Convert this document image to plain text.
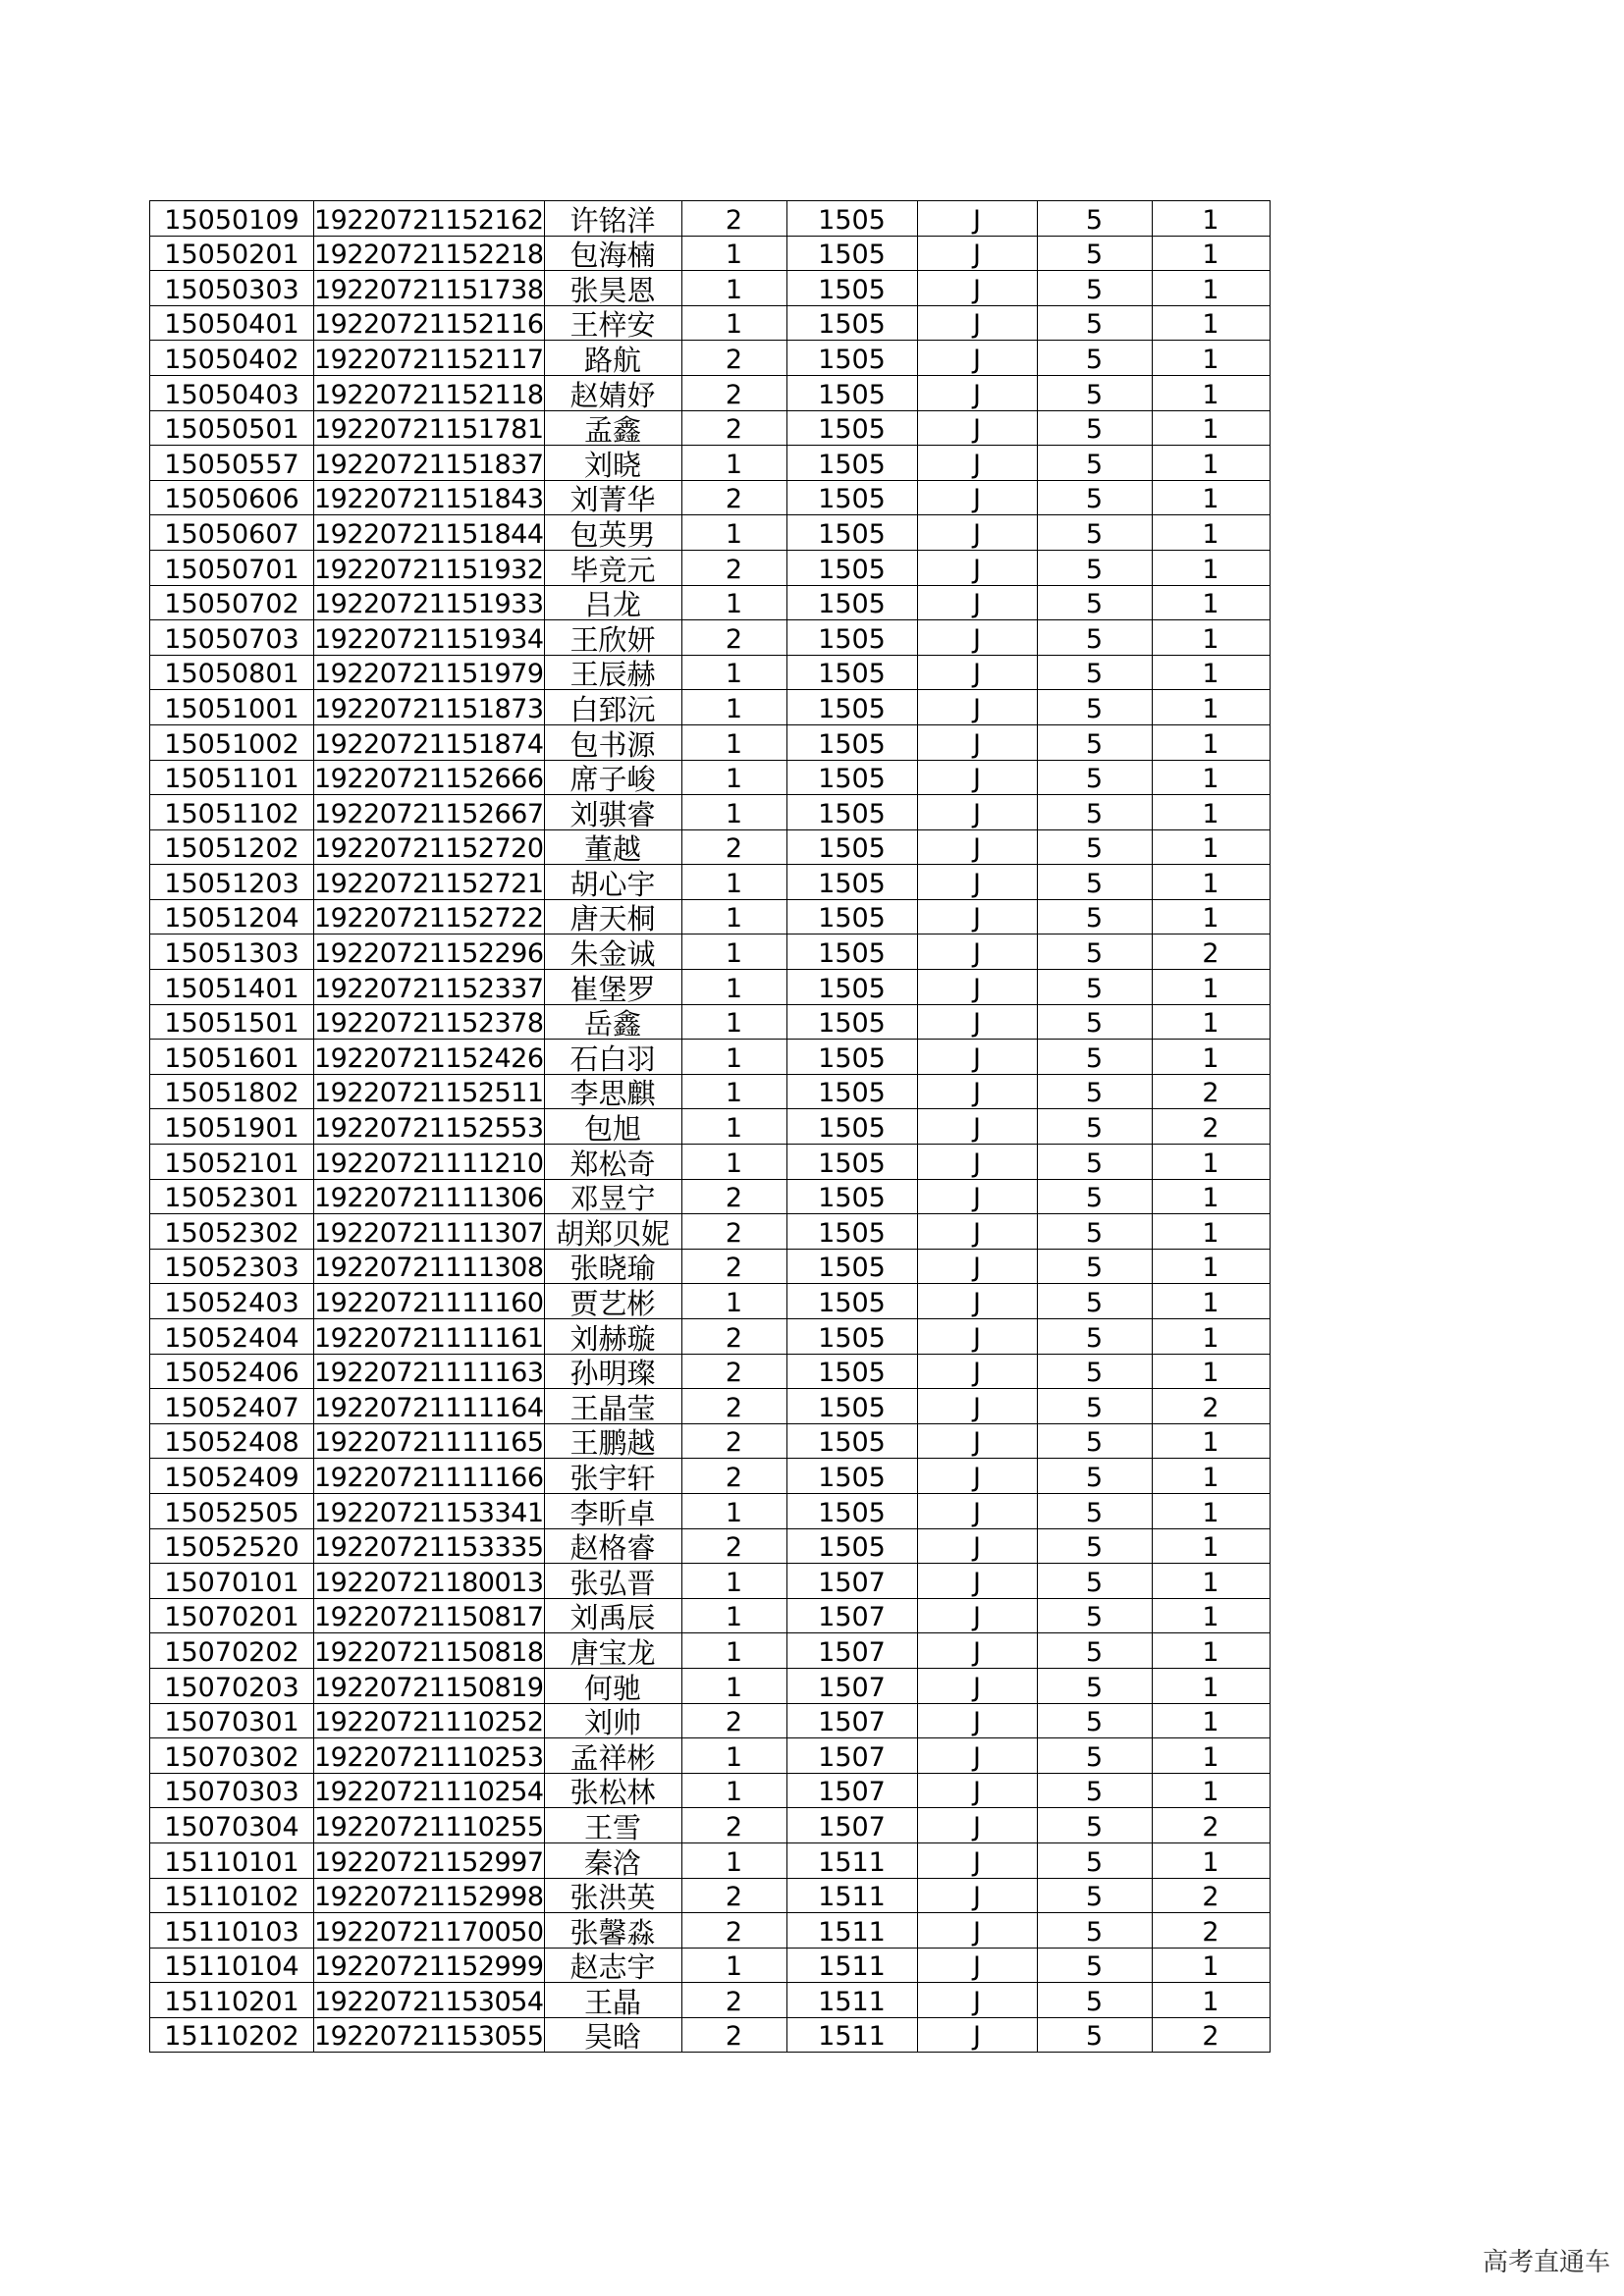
15050109	19220721152162	许铭洋	2	1505	J	5	1
15050201	19220721152218	包海楠	1	1505	J	5	1
15050303	19220721151738	张昊恩	1	1505	J	5	1
15050401	19220721152116	王梓安	1	1505	J	5	1
15050402	19220721152117	路航	2	1505	J	5	1
15050403	19220721152118	赵婧妤	2	1505	J	5	1
15050501	19220721151781	孟鑫	2	1505	J	5	1
15050557	19220721151837	刘晓	1	1505	J	5	1
15050606	19220721151843	刘菁华	2	1505	J	5	1
15050607	19220721151844	包英男	1	1505	J	5	1
15050701	19220721151932	毕竞元	2	1505	J	5	1
15050702	19220721151933	吕龙	1	1505	J	5	1
15050703	19220721151934	王欣妍	2	1505	J	5	1
15050801	19220721151979	王辰赫	1	1505	J	5	1
15051001	19220721151873	白郅沅	1	1505	J	5	1
15051002	19220721151874	包书源	1	1505	J	5	1
15051101	19220721152666	席子峻	1	1505	J	5	1
15051102	19220721152667	刘骐睿	1	1505	J	5	1
15051202	19220721152720	董越	2	1505	J	5	1
15051203	19220721152721	胡心宇	1	1505	J	5	1
15051204	19220721152722	唐天桐	1	1505	J	5	1
15051303	19220721152296	朱金诚	1	1505	J	5	2
15051401	19220721152337	崔堡罗	1	1505	J	5	1
15051501	19220721152378	岳鑫	1	1505	J	5	1
15051601	19220721152426	石白羽	1	1505	J	5	1
15051802	19220721152511	李思麒	1	1505	J	5	2
15051901	19220721152553	包旭	1	1505	J	5	2
15052101	19220721111210	郑松奇	1	1505	J	5	1
15052301	19220721111306	邓昱宁	2	1505	J	5	1
15052302	19220721111307	胡郑贝妮	2	1505	J	5	1
15052303	19220721111308	张晓瑜	2	1505	J	5	1
15052403	19220721111160	贾艺彬	1	1505	J	5	1
15052404	19220721111161	刘赫璇	2	1505	J	5	1
15052406	19220721111163	孙明璨	2	1505	J	5	1
15052407	19220721111164	王晶莹	2	1505	J	5	2
15052408	19220721111165	王鹏越	2	1505	J	5	1
15052409	19220721111166	张宇轩	2	1505	J	5	1
15052505	19220721153341	李昕卓	1	1505	J	5	1
15052520	19220721153335	赵格睿	2	1505	J	5	1
15070101	19220721180013	张弘晋	1	1507	J	5	1
15070201	19220721150817	刘禹辰	1	1507	J	5	1
15070202	19220721150818	唐宝龙	1	1507	J	5	1
15070203	19220721150819	何驰	1	1507	J	5	1
15070301	19220721110252	刘帅	2	1507	J	5	1
15070302	19220721110253	孟祥彬	1	1507	J	5	1
15070303	19220721110254	张松林	1	1507	J	5	1
15070304	19220721110255	王雪	2	1507	J	5	2
15110101	19220721152997	秦浛	1	1511	J	5	1
15110102	19220721152998	张洪英	2	1511	J	5	2
15110103	19220721170050	张馨淼	2	1511	J	5	2
15110104	19220721152999	赵志宇	1	1511	J	5	1
15110201	19220721153054	王晶	2	1511	J	5	1
15110202	19220721153055	吴晗	2	1511	J	5	2
高考直通车
